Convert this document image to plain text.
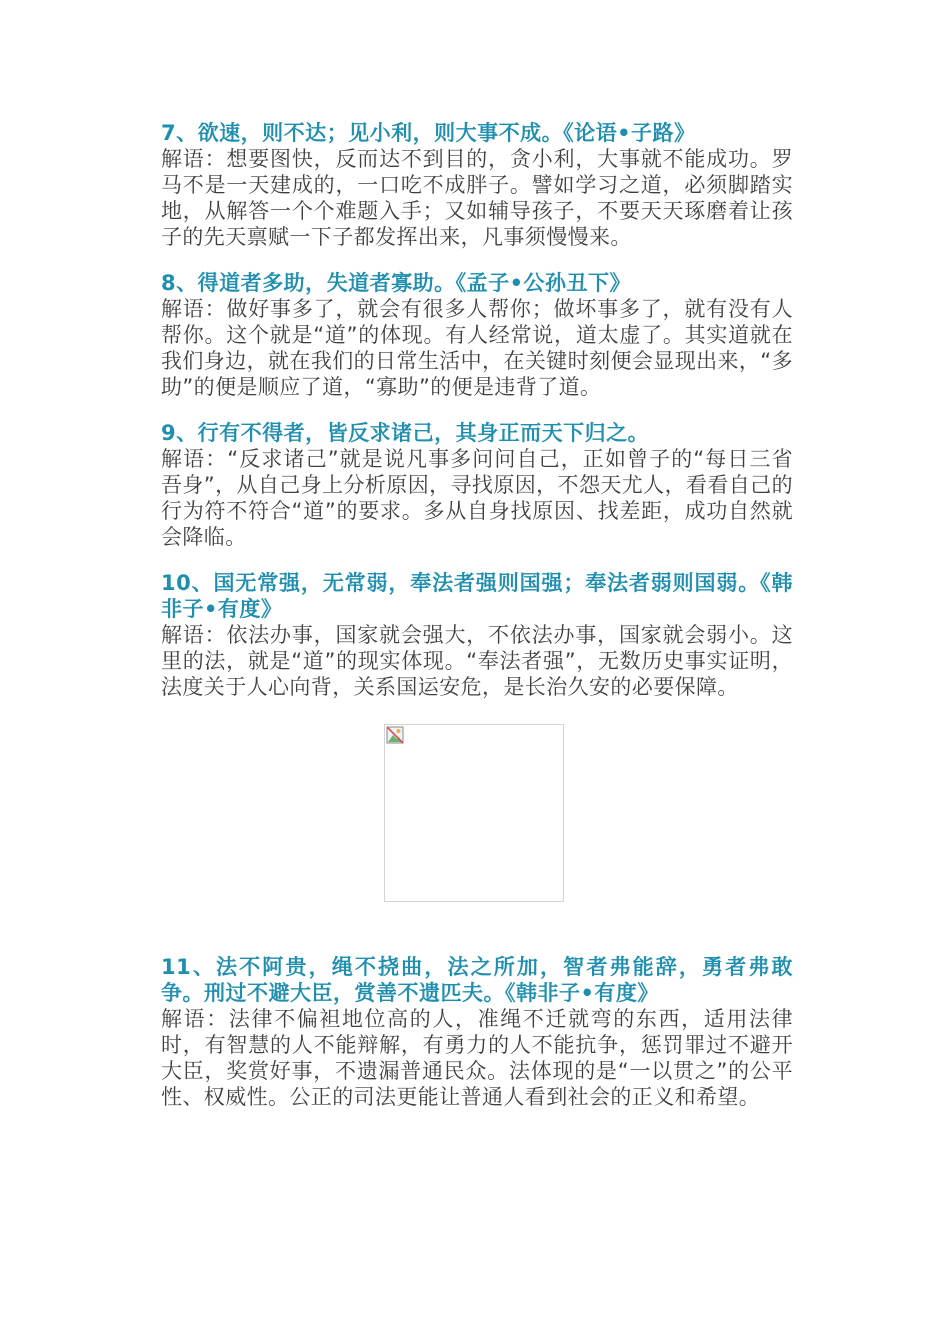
7、欲速，则不达；见小利，则大事不成。《论语•子路》

解语：想要图快，反而达不到目的，贪小利，大事就不能成功。罗马不是一天建成的，一口吃不成胖子。譬如学习之道，必须脚踏实地，从解答一个个难题入手；又如辅导孩子，不要天天琢磨着让孩子的先天禀赋一下子都发挥出来，凡事须慢慢来。

8、得道者多助，失道者寡助。《孟子•公孙丑下》

解语：做好事多了，就会有很多人帮你；做坏事多了，就有没有人帮你。这个就是“道”的体现。有人经常说，道太虚了。其实道就在我们身边，就在我们的日常生活中，在关键时刻便会显现出来，“多助”的便是顺应了道，“寡助”的便是违背了道。

9、行有不得者，皆反求诸己，其身正而天下归之。

解语：“反求诸己”就是说凡事多问问自己，正如曾子的“每日三省吾身”，从自己身上分析原因，寻找原因，不怨天尤人，看看自己的行为符不符合“道”的要求。多从自身找原因、找差距，成功自然就会降临。

10、国无常强，无常弱，奉法者强则国强；奉法者弱则国弱。《韩非子•有度》

解语：依法办事，国家就会强大，不依法办事，国家就会弱小。这里的法，就是“道”的现实体现。“奉法者强”，无数历史事实证明，法度关于人心向背，关系国运安危，是长治久安的必要保障。

11、法不阿贵，绳不挠曲，法之所加，智者弗能辞，勇者弗敢争。刑过不避大臣，赏善不遗匹夫。《韩非子•有度》

解语：法律不偏袒地位高的人，准绳不迁就弯的东西，适用法律时，有智慧的人不能辩解，有勇力的人不能抗争，惩罚罪过不避开大臣，奖赏好事，不遗漏普通民众。法体现的是“一以贯之”的公平性、权威性。公正的司法更能让普通人看到社会的正义和希望。
